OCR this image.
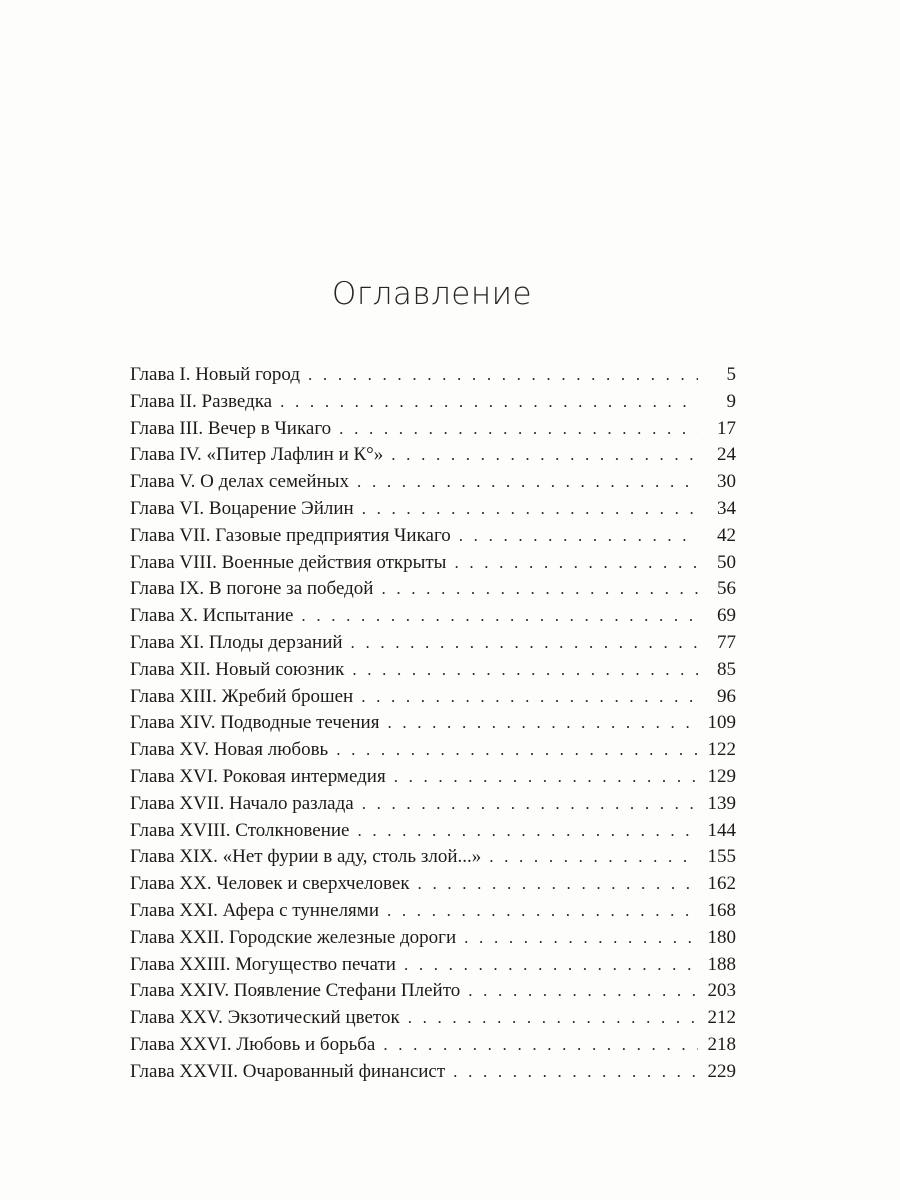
Оглавление
Глава I. Новый город . . .	5
Глава II. Разведка . . .	9
Глава III. Вечер в Чикаго . . .	17
Глава IV. «Питер Лафлин и К°» . . .	24
Глава V. О делах семейных . . .	30
Глава VI. Воцарение Эйлин . . .	34
Глава VII. Газовые предприятия Чикаго . . .	42
Глава VIII. Военные действия открыты . . .	50
Глава IX. В погоне за победой . . .	56
Глава X. Испытание . . .	69
Глава XI. Плоды дерзаний . . .	77
Глава XII. Новый союзник . . .	85
Глава XIII. Жребий брошен . . .	96
Глава XIV. Подводные течения . . .	109
Глава XV. Новая любовь . . .	122
Глава XVI. Роковая интермедия . . .	129
Глава XVII. Начало разлада . . .	139
Глава XVIII. Столкновение . . .	144
Глава XIX. «Нет фурии в аду, столь злой...» . . .	155
Глава XX. Человек и сверхчеловек . . .	162
Глава XXI. Афера с туннелями . . .	168
Глава XXII. Городские железные дороги . . .	180
Глава XXIII. Могущество печати . . .	188
Глава XXIV. Появление Стефани Плейто . . .	203
Глава XXV. Экзотический цветок . . .	212
Глава XXVI. Любовь и борьба . . .	218
Глава XXVII. Очарованный финансист . . .	229
